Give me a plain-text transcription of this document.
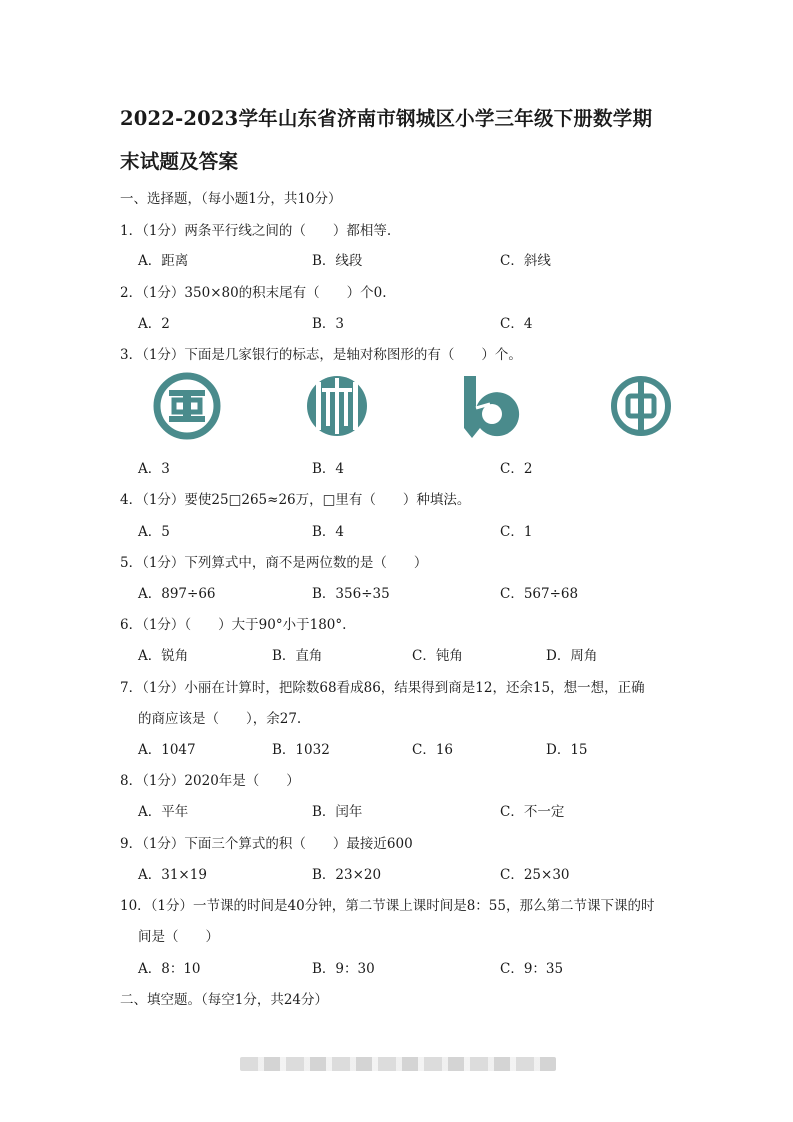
2022-2023学年山东省济南市钢城区小学三年级下册数学期
末试题及答案
一、选择题，（每小题1分，共10分）
1．（1分）两条平行线之间的（　　）都相等.
A．距离	B．线段	C．斜线
2．（1分）350×80的积末尾有（　　）个0.
A．2	B．3	C．4
3．（1分）下面是几家银行的标志，是轴对称图形的有（　　）个。
A．3	B．4	C．2
4．（1分）要使25□265≈26万，□里有（　　）种填法。
A．5	B．4	C．1
5．（1分）下列算式中，商不是两位数的是（　　）
A．897÷66	B．356÷35	C．567÷68
6．（1分）（　　）大于90°小于180°.
A．锐角	B．直角	C．钝角	D．周角
7．（1分）小丽在计算时，把除数68看成86，结果得到商是12，还余15，想一想，正确
的商应该是（　　），余27.
A．1047	B．1032	C．16	D．15
8．（1分）2020年是（　　）
A．平年	B．闰年	C．不一定
9．（1分）下面三个算式的积（　　）最接近600
A．31×19	B．23×20	C．25×30
10．（1分）一节课的时间是40分钟，第二节课上课时间是8：55，那么第二节课下课的时
间是（　　）
A．8：10	B．9：30	C．9：35
二、填空题。（每空1分，共24分）
